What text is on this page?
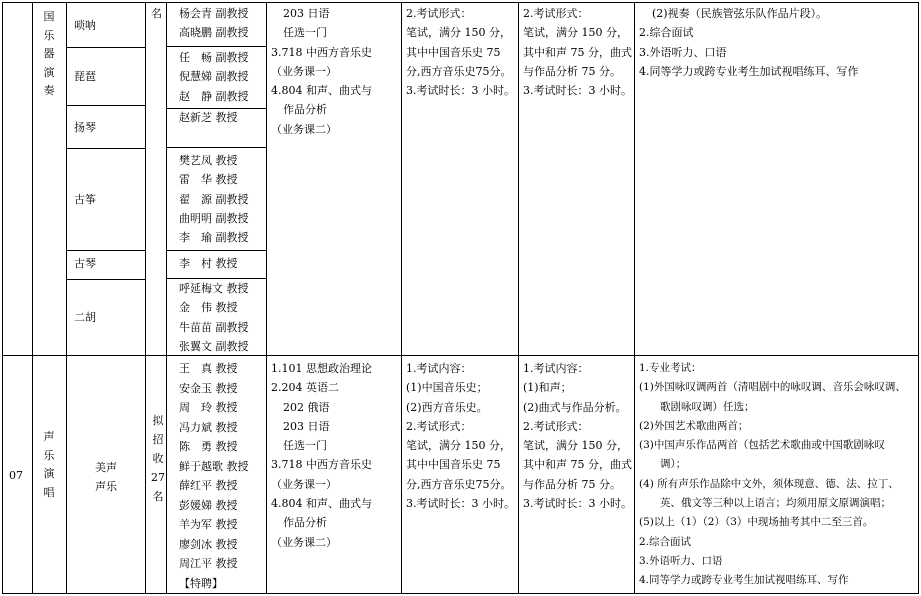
国乐器演奏
唢呐
琵琶
扬琴
古筝
古琴
二胡
名 杨会青 副教授
高晓鹏 副教授
任　畅 副教授
倪慧娣 副教授
赵　静 副教授
赵新芝 教授
樊艺凤 教授
雷　华 教授
翟　源 副教授
曲明明 副教授
李　瑜 副教授
李　村 教授
呼延梅文 教授
金　伟 教授
牛苗苗 副教授
张翼文 副教授
203 日语
任选一门
3.718 中西方音乐史
（业务课一）
4.804 和声、曲式与
作品分析
（业务课二）
2.考试形式：
笔试，满分 150 分，
其中中国音乐史 75
分,西方音乐史75分。
3.考试时长：3 小时。
2.考试形式：
笔试，满分 150 分，
其中和声 75 分，曲式
与作品分析 75 分。
3.考试时长：3 小时。
(2)视奏（民族管弦乐队作品片段）。
2.综合面试
3.外语听力、口语
4.同等学力或跨专业考生加试视唱练耳、写作
07
声乐演唱
美声
声乐
拟招收27名
王　真 教授
安金玉 教授
周　玲 教授
冯力斌 教授
陈　勇 教授
鲜于越歌 教授
薛红平 教授
彭媛娣 教授
羊为军 教授
廖剑冰 教授
周江平 教授
【特聘】
1.101 思想政治理论
2.204 英语二
202 俄语
203 日语
任选一门
3.718 中西方音乐史
（业务课一）
4.804 和声、曲式与
作品分析
（业务课二）
1.考试内容：
(1)中国音乐史；
(2)西方音乐史。
2.考试形式：
笔试，满分 150 分，
其中中国音乐史 75
分,西方音乐史75分。
3.考试时长：3 小时。
1.考试内容：
(1)和声；
(2)曲式与作品分析。
2.考试形式：
笔试，满分 150 分，
其中和声 75 分，曲式
与作品分析 75 分。
3.考试时长：3 小时。
1.专业考试：
(1)外国咏叹调两首（清唱剧中的咏叹调、音乐会咏叹调、
歌剧咏叹调）任选；
(2)外国艺术歌曲两首；
(3)中国声乐作品两首（包括艺术歌曲或中国歌剧咏叹
调）；
(4) 所有声乐作品除中文外，须体现意、德、法、拉丁、
英、俄文等三种以上语言；均须用原文原调演唱；
(5)以上（1）（2）（3）中现场抽考其中二至三首。
2.综合面试
3.外语听力、口语
4.同等学力或跨专业考生加试视唱练耳、写作
